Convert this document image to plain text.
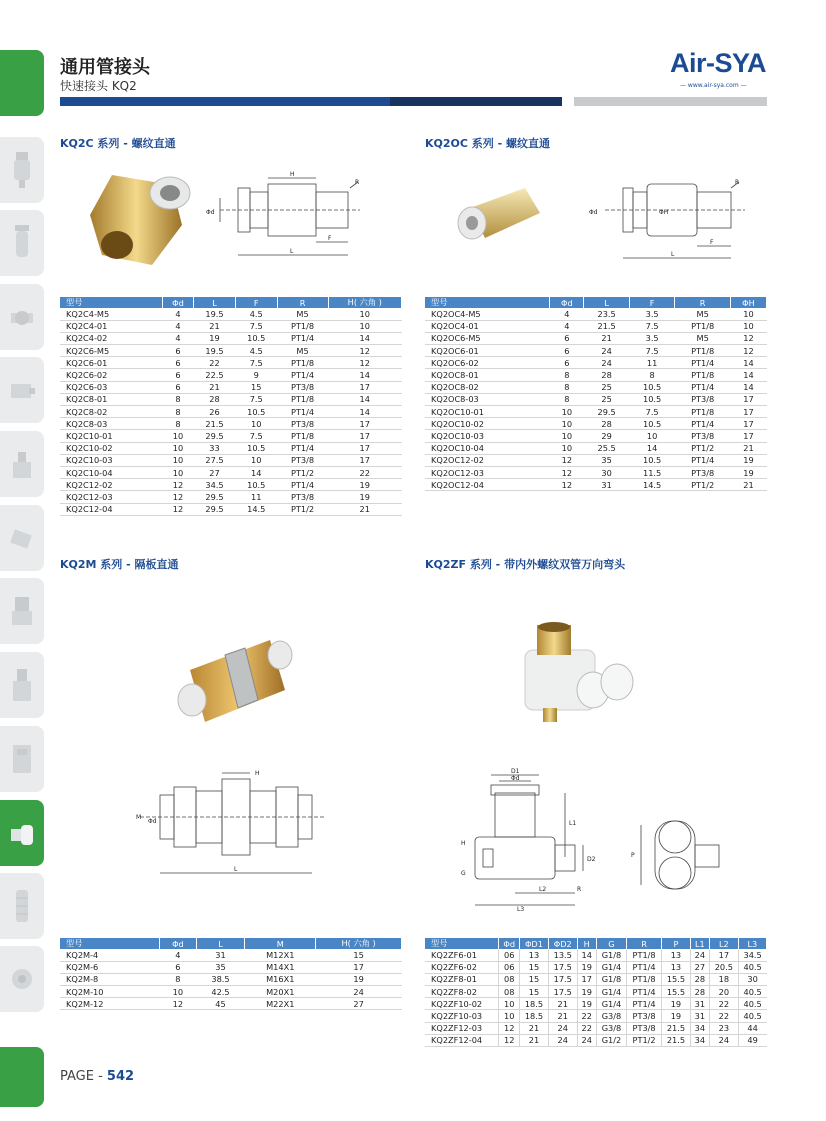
通用管接头
快速接头 KQ2
Air-SYA
— www.air-sya.com —
KQ2C 系列 - 螺纹直通	KQ2OC 系列 - 螺纹直通
KQ2M 系列 - 隔板直通	KQ2ZF 系列 - 带内外螺纹双管万向弯头
H
R
F
L
Φd
R
F
L
Φd	ΦH
型号	Φd	L	F	R	H( 六角 )
KQ2C4-M5	4	19.5	4.5	M5	10
KQ2C4-01	4	21	7.5	PT1/8	10
KQ2C4-02	4	19	10.5	PT1/4	14
KQ2C6-M5	6	19.5	4.5	M5	12
KQ2C6-01	6	22	7.5	PT1/8	12
KQ2C6-02	6	22.5	9	PT1/4	14
KQ2C6-03	6	21	15	PT3/8	17
KQ2C8-01	8	28	7.5	PT1/8	14
KQ2C8-02	8	26	10.5	PT1/4	14
KQ2C8-03	8	21.5	10	PT3/8	17
KQ2C10-01	10	29.5	7.5	PT1/8	17
KQ2C10-02	10	33	10.5	PT1/4	17
KQ2C10-03	10	27.5	10	PT3/8	17
KQ2C10-04	10	27	14	PT1/2	22
KQ2C12-02	12	34.5	10.5	PT1/4	19
KQ2C12-03	12	29.5	11	PT3/8	19
KQ2C12-04	12	29.5	14.5	PT1/2	21
型号	Φd	L	F	R	ΦH
KQ2OC4-M5	4	23.5	3.5	M5	10
KQ2OC4-01	4	21.5	7.5	PT1/8	10
KQ2OC6-M5	6	21	3.5	M5	12
KQ2OC6-01	6	24	7.5	PT1/8	12
KQ2OC6-02	6	24	11	PT1/4	14
KQ2OC8-01	8	28	8	PT1/8	14
KQ2OC8-02	8	25	10.5	PT1/4	14
KQ2OC8-03	8	25	10.5	PT3/8	17
KQ2OC10-01	10	29.5	7.5	PT1/8	17
KQ2OC10-02	10	28	10.5	PT1/4	17
KQ2OC10-03	10	29	10	PT3/8	17
KQ2OC10-04	10	25.5	14	PT1/2	21
KQ2OC12-02	12	35	10.5	PT1/4	19
KQ2OC12-03	12	30	11.5	PT3/8	19
KQ2OC12-04	12	31	14.5	PT1/2	21
H
L
M
Φd
D1
Φd
L1
H
G
L2	R
L3
D2
P
型号	Φd	L	M	H( 六角 )
KQ2M-4	4	31	M12X1	15
KQ2M-6	6	35	M14X1	17
KQ2M-8	8	38.5	M16X1	19
KQ2M-10	10	42.5	M20X1	24
KQ2M-12	12	45	M22X1	27
型号	Φd	ΦD1	ΦD2	H	G	R	P	L1	L2	L3
KQ2ZF6-01	06	13	13.5	14	G1/8	PT1/8	13	24	17	34.5
KQ2ZF6-02	06	15	17.5	19	G1/4	PT1/4	13	27	20.5	40.5
KQ2ZF8-01	08	15	17.5	17	G1/8	PT1/8	15.5	28	18	30
KQ2ZF8-02	08	15	17.5	19	G1/4	PT1/4	15.5	28	20	40.5
KQ2ZF10-02	10	18.5	21	19	G1/4	PT1/4	19	31	22	40.5
KQ2ZF10-03	10	18.5	21	22	G3/8	PT3/8	19	31	22	40.5
KQ2ZF12-03	12	21	24	22	G3/8	PT3/8	21.5	34	23	44
KQ2ZF12-04	12	21	24	24	G1/2	PT1/2	21.5	34	24	49
PAGE - 542
